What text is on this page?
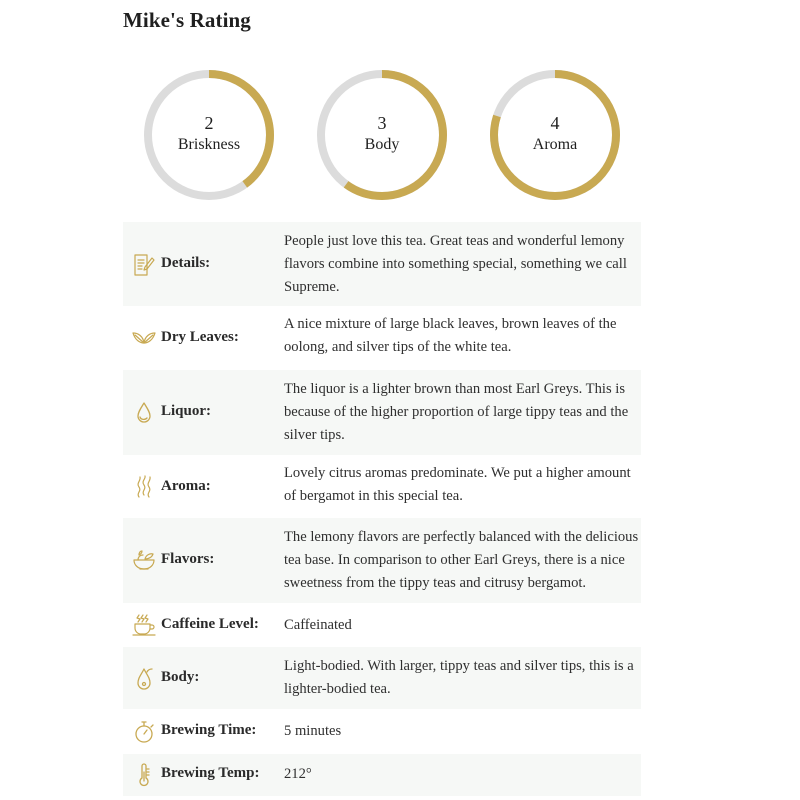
Mike's Rating
2
Briskness
3
Body
4
Aroma
Details:
People just love this tea. Great teas and wonderful lemony flavors combine into something special, something we call Supreme.
Dry Leaves:
A nice mixture of large black leaves, brown leaves of the oolong, and silver tips of the white tea.
Liquor:
The liquor is a lighter brown than most Earl Greys. This is because of the higher proportion of large tippy teas and the silver tips.
Aroma:
Lovely citrus aromas predominate. We put a higher amount of bergamot in this special tea.
Flavors:
The lemony flavors are perfectly balanced with the delicious tea base. In comparison to other Earl Greys, there is a nice sweetness from the tippy teas and citrusy bergamot.
Caffeine Level: Caffeinated
Body:
Light-bodied. With larger, tippy teas and silver tips, this is a lighter-bodied tea.
Brewing Time: 5 minutes
Brewing Temp: 212°
